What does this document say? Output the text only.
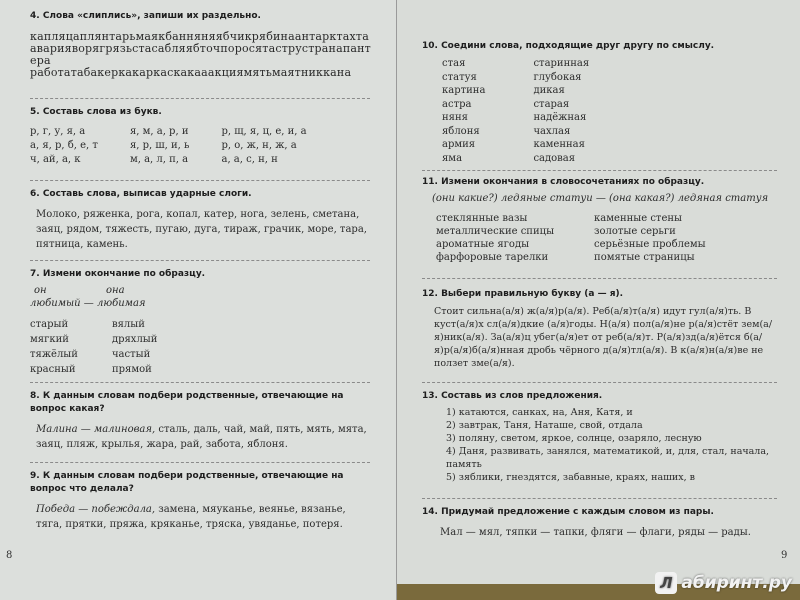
4. Слова «слиплись», запиши их раздельно.
капляцаплянтарьмаякбанняняябчикрябинаантарктахта
аварияворягрязьстасабляябточпоросятаструстранапантера
работатабакеркакаркаскакааакциямятьмаятниккана
5. Составь слова из букв.
р, г, у, я, а
а, я, р, б, е, т
ч, ай, а, к
я, м, а, р, и
я, р, ш, и, ь
м, а, л, п, а
р, щ, я, ц, е, и, а
р, о, ж, н, ж, а
а, а, с, н, н
6. Составь слова, выписав ударные слоги.
Молоко, ряженка, рога, копал, катер, нога, зелень, сметана, заяц, рядом, тяжесть, пугаю, дуга, тираж, грачик, море, тара, пятница, камень.
7. Измени окончание по образцу.
он	она
любимый — любимая
старый
мягкий
тяжёлый
красный
вялый
дряхлый
частый
прямой
8. К данным словам подбери родственные, отвечающие на вопрос какая?
Малина — малиновая, сталь, даль, чай, май, пять, мять, мята, заяц, пляж, крылья, жара, рай, забота, яблоня.
9. К данным словам подбери родственные, отвечающие на вопрос что делала?
Победа — побеждала, замена, мяуканье, веянье, вязанье, тяга, прятки, пряжа, кряканье, тряска, увяданье, потеря.
8
10. Соедини слова, подходящие друг другу по смыслу.
стая
статуя
картина
астра
няня
яблоня
армия
яма
старинная
глубокая
дикая
старая
надёжная
чахлая
каменная
садовая
11. Измени окончания в словосочетаниях по образцу.
(они какие?) ледяные статуи — (она какая?) ледяная статуя
стеклянные вазы
металлические спицы
ароматные ягоды
фарфоровые тарелки
каменные стены
золотые серьги
серьёзные проблемы
помятые страницы
12. Выбери правильную букву (а — я).
Стоит сильна(а/я) ж(а/я)р(а/я). Реб(а/я)т(а/я) идут гул(а/я)ть. В куст(а/я)х сл(а/я)дкие (а/я)годы. Н(а/я) пол(а/я)не р(а/я)стёт зем(а/я)ник(а/я). За(а/я)ц убег(а/я)ет от реб(а/я)т. Р(а/я)зд(а/я)ётся б(а/я)р(а/я)б(а/я)нная дробь чёрного д(а/я)тл(а/я). В к(а/я)н(а/я)ве не ползет зме(а/я).
13. Составь из слов предложения.
1) катаются, санках, на, Аня, Катя, и
2) завтрак, Таня, Наташе, свой, отдала
3) поляну, светом, яркое, солнце, озаряло, лесную
4) Даня, развивать, занялся, математикой, и, для, стал, начала, память
5) зяблики, гнездятся, забавные, краях, наших, в
14. Придумай предложение с каждым словом из пары.
Мал — мял, тяпки — тапки, фляги — флаги, ряды — рады.
9
Л абиринт.ру
